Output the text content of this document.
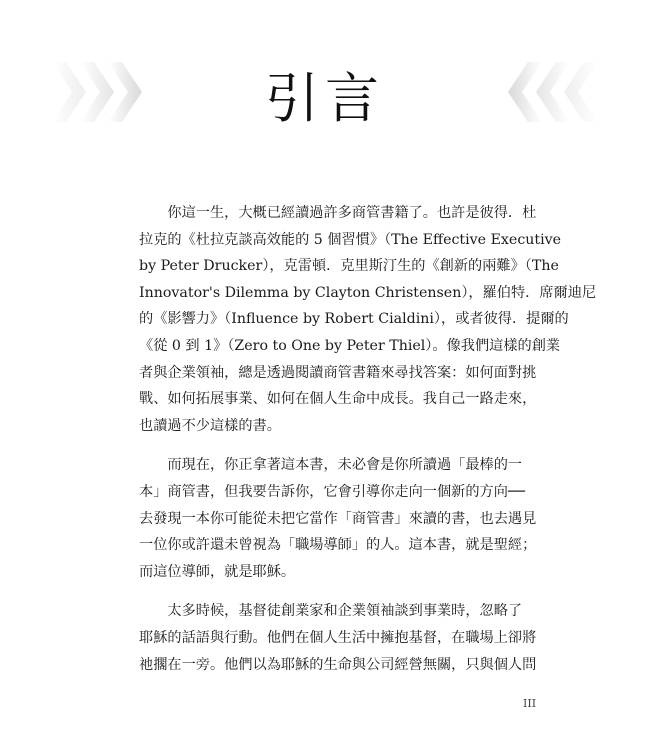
引言

　　你這一生，大概已經讀過許多商管書籍了。也許是彼得．杜
拉克的《杜拉克談高效能的 5 個習慣》（The Effective Executive
by Peter Drucker），克雷頓．克里斯汀生的《創新的兩難》（The
Innovator's Dilemma by Clayton Christensen），羅伯特．席爾迪尼
的《影響力》（Influence by Robert Cialdini），或者彼得．提爾的
《從 0 到 1》（Zero to One by Peter Thiel）。像我們這樣的創業
者與企業領袖，總是透過閱讀商管書籍來尋找答案：如何面對挑
戰、如何拓展事業、如何在個人生命中成長。我自己一路走來，
也讀過不少這樣的書。

　　而現在，你正拿著這本書，未必會是你所讀過「最棒的一
本」商管書，但我要告訴你，它會引導你走向一個新的方向──
去發現一本你可能從未把它當作「商管書」來讀的書，也去遇見
一位你或許還未曾視為「職場導師」的人。這本書，就是聖經；
而這位導師，就是耶穌。

　　太多時候，基督徒創業家和企業領袖談到事業時，忽略了
耶穌的話語與行動。他們在個人生活中擁抱基督，在職場上卻將
祂擱在一旁。他們以為耶穌的生命與公司經營無關，只與個人問

III
